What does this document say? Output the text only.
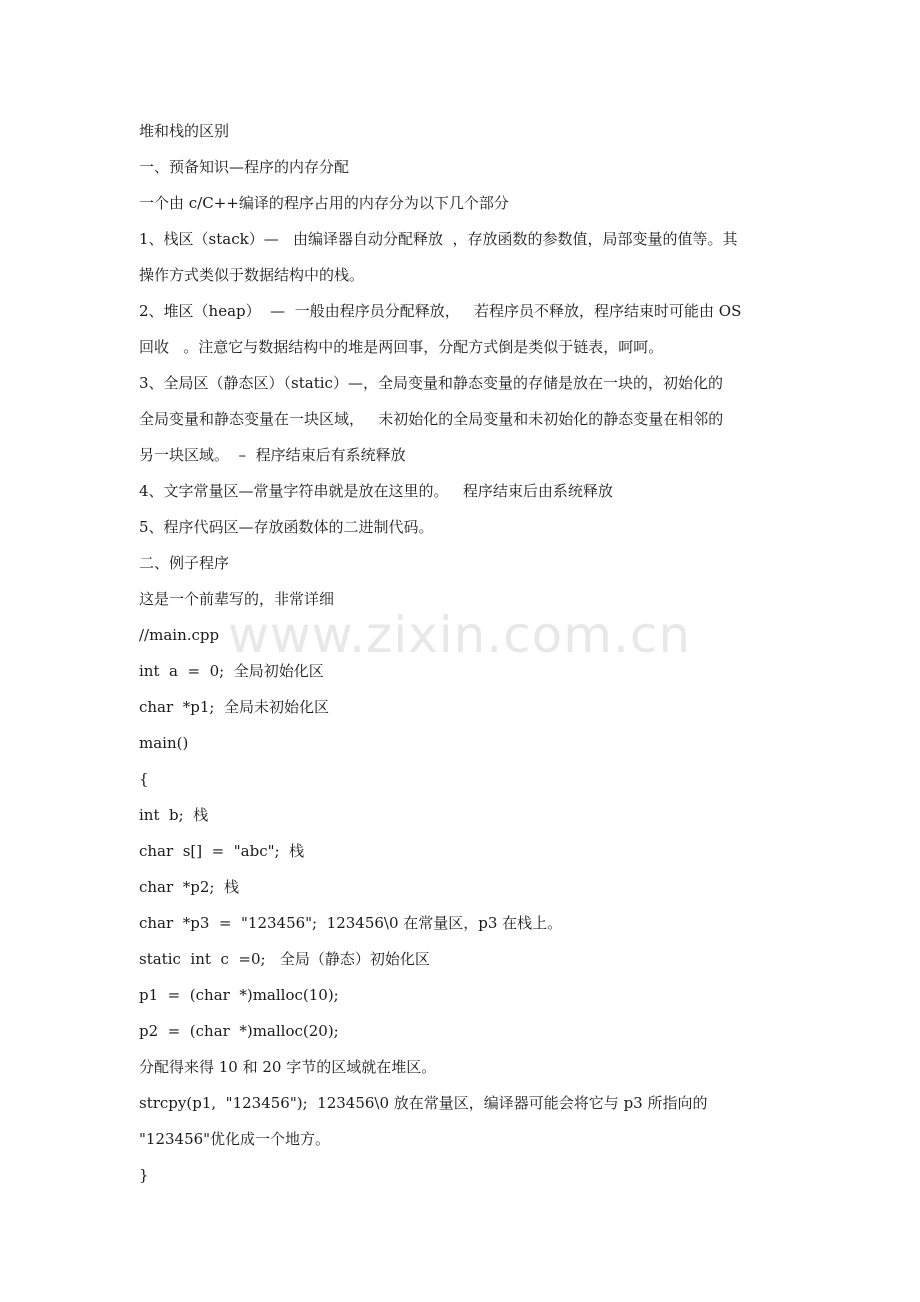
堆和栈的区别
一、预备知识—程序的内存分配
一个由 c/C++编译的程序占用的内存分为以下几个部分
1、栈区（stack）—   由编译器自动分配释放  ，存放函数的参数值，局部变量的值等。其
操作方式类似于数据结构中的栈。
2、堆区（heap）  —  一般由程序员分配释放，   若程序员不释放，程序结束时可能由 OS
回收   。注意它与数据结构中的堆是两回事，分配方式倒是类似于链表，呵呵。
3、全局区（静态区）（static）—，全局变量和静态变量的存储是放在一块的，初始化的
全局变量和静态变量在一块区域，   未初始化的全局变量和未初始化的静态变量在相邻的
另一块区域。  –  程序结束后有系统释放
4、文字常量区—常量字符串就是放在这里的。   程序结束后由系统释放
5、程序代码区—存放函数体的二进制代码。
二、例子程序
这是一个前辈写的，非常详细
//main.cpp
int  a  =  0;  全局初始化区
char  *p1;  全局未初始化区
main()
{
int  b;  栈
char  s[]  =  "abc";  栈
char  *p2;  栈
char  *p3  =  "123456";  123456\0 在常量区，p3 在栈上。
static  int  c  =0;   全局（静态）初始化区
p1  =  (char  *)malloc(10);
p2  =  (char  *)malloc(20);
分配得来得 10 和 20 字节的区域就在堆区。
strcpy(p1,  "123456");  123456\0 放在常量区，编译器可能会将它与 p3 所指向的
"123456"优化成一个地方。
}
www.zixin.com.cn
